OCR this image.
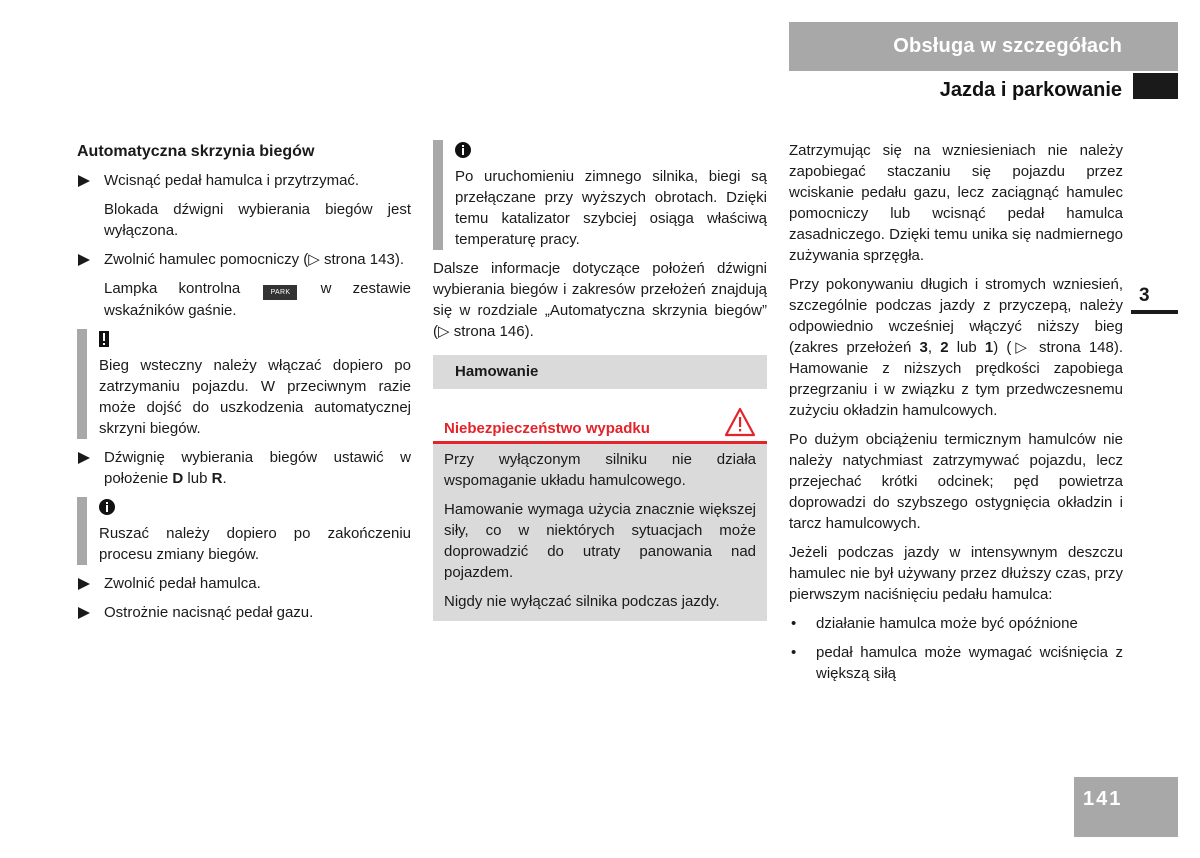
Obsługa w szczegółach
Jazda i parkowanie
3
141
Automatyczna skrzynia biegów
Wcisnąć pedał hamulca i przytrzymać.
Blokada dźwigni wybierania biegów jest wyłączona.
Zwolnić hamulec pomocniczy (▷ strona 143).
Lampka kontrolna	PARK w zestawie wskaźników gaśnie.
Bieg wsteczny należy włączać dopiero po zatrzymaniu pojazdu. W przeciwnym razie może dojść do uszkodzenia automatycznej skrzyni biegów.
Dźwignię wybierania biegów ustawić w położenie D lub R.
Ruszać należy dopiero po zakończeniu procesu zmiany biegów.
Zwolnić pedał hamulca.
Ostrożnie nacisnąć pedał gazu.
Po uruchomieniu zimnego silnika, biegi są przełączane przy wyższych obrotach. Dzięki temu katalizator szybciej osiąga właściwą temperaturę pracy.
Dalsze informacje dotyczące położeń dźwigni wybierania biegów i zakresów przełożeń znajdują się w rozdziale „Automatyczna skrzynia biegów” (▷ strona 146).
Hamowanie
Niebezpieczeństwo wypadku

Przy wyłączonym silniku nie działa wspomaganie układu hamulcowego.

Hamowanie wymaga użycia znacznie większej siły, co w niektórych sytuacjach może doprowadzić do utraty panowania nad pojazdem.

Nigdy nie wyłączać silnika podczas jazdy.

Zatrzymując się na wzniesieniach nie należy zapobiegać staczaniu się pojazdu przez wciskanie pedału gazu, lecz zaciągnąć hamulec pomocniczy lub wcisnąć pedał hamulca zasadniczego. Dzięki temu unika się nadmiernego zużywania sprzęgła.
Przy pokonywaniu długich i stromych wzniesień, szczególnie podczas jazdy z przyczepą, należy odpowiednio wcześniej włączyć niższy bieg (zakres przełożeń 3, 2 lub 1) (▷ strona 148). Hamowanie z niższych prędkości zapobiega przegrzaniu i w związku z tym przedwczesnemu zużyciu okładzin hamulcowych.
Po dużym obciążeniu termicznym hamulców nie należy natychmiast zatrzymywać pojazdu, lecz przejechać krótki odcinek; pęd powietrza doprowadzi do szybszego ostygnięcia okładzin i tarcz hamulcowych.
Jeżeli podczas jazdy w intensywnym deszczu hamulec nie był używany przez dłuższy czas, przy pierwszym naciśnięciu pedału hamulca:
• działanie hamulca może być opóźnione
• pedał hamulca może wymagać wciśnięcia z większą siłą
